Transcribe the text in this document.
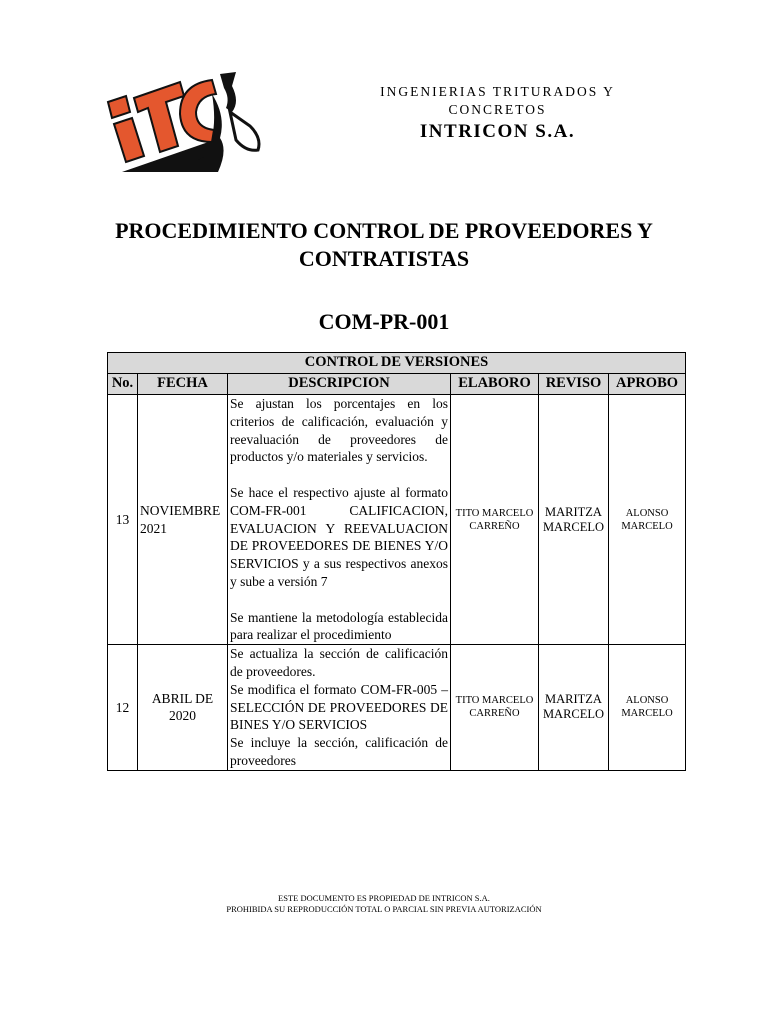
INGENIERIAS TRITURADOS Y CONCRETOS
INTRICON S.A.
PROCEDIMIENTO CONTROL DE PROVEEDORES Y CONTRATISTAS
COM-PR-001
CONTROL DE VERSIONES					
No.	FECHA	DESCRIPCION	ELABORO	REVISO	APROBO
13	NOVIEMBRE 2021	Se ajustan los porcentajes en los criterios de calificación, evaluación y reevaluación de proveedores de productos y/o materiales y servicios.

Se hace el respectivo ajuste al formato COM-FR-001 CALIFICACION, EVALUACION Y REEVALUACION DE PROVEEDORES DE BIENES Y/O SERVICIOS y a sus respectivos anexos y sube a versión 7

Se mantiene la metodología establecida para realizar el procedimiento	TITO MARCELO CARREÑO	MARITZA MARCELO	ALONSO MARCELO
12	ABRIL DE 2020	Se actualiza la sección de calificación de proveedores.

Se modifica el formato COM-FR-005 – SELECCIÓN DE PROVEEDORES DE BINES Y/O SERVICIOS

Se incluye la sección, calificación de proveedores	TITO MARCELO CARREÑO	MARITZA MARCELO	ALONSO MARCELO
ESTE DOCUMENTO ES PROPIEDAD DE INTRICON S.A.
PROHIBIDA SU REPRODUCCIÓN TOTAL O PARCIAL SIN PREVIA AUTORIZACIÓN
